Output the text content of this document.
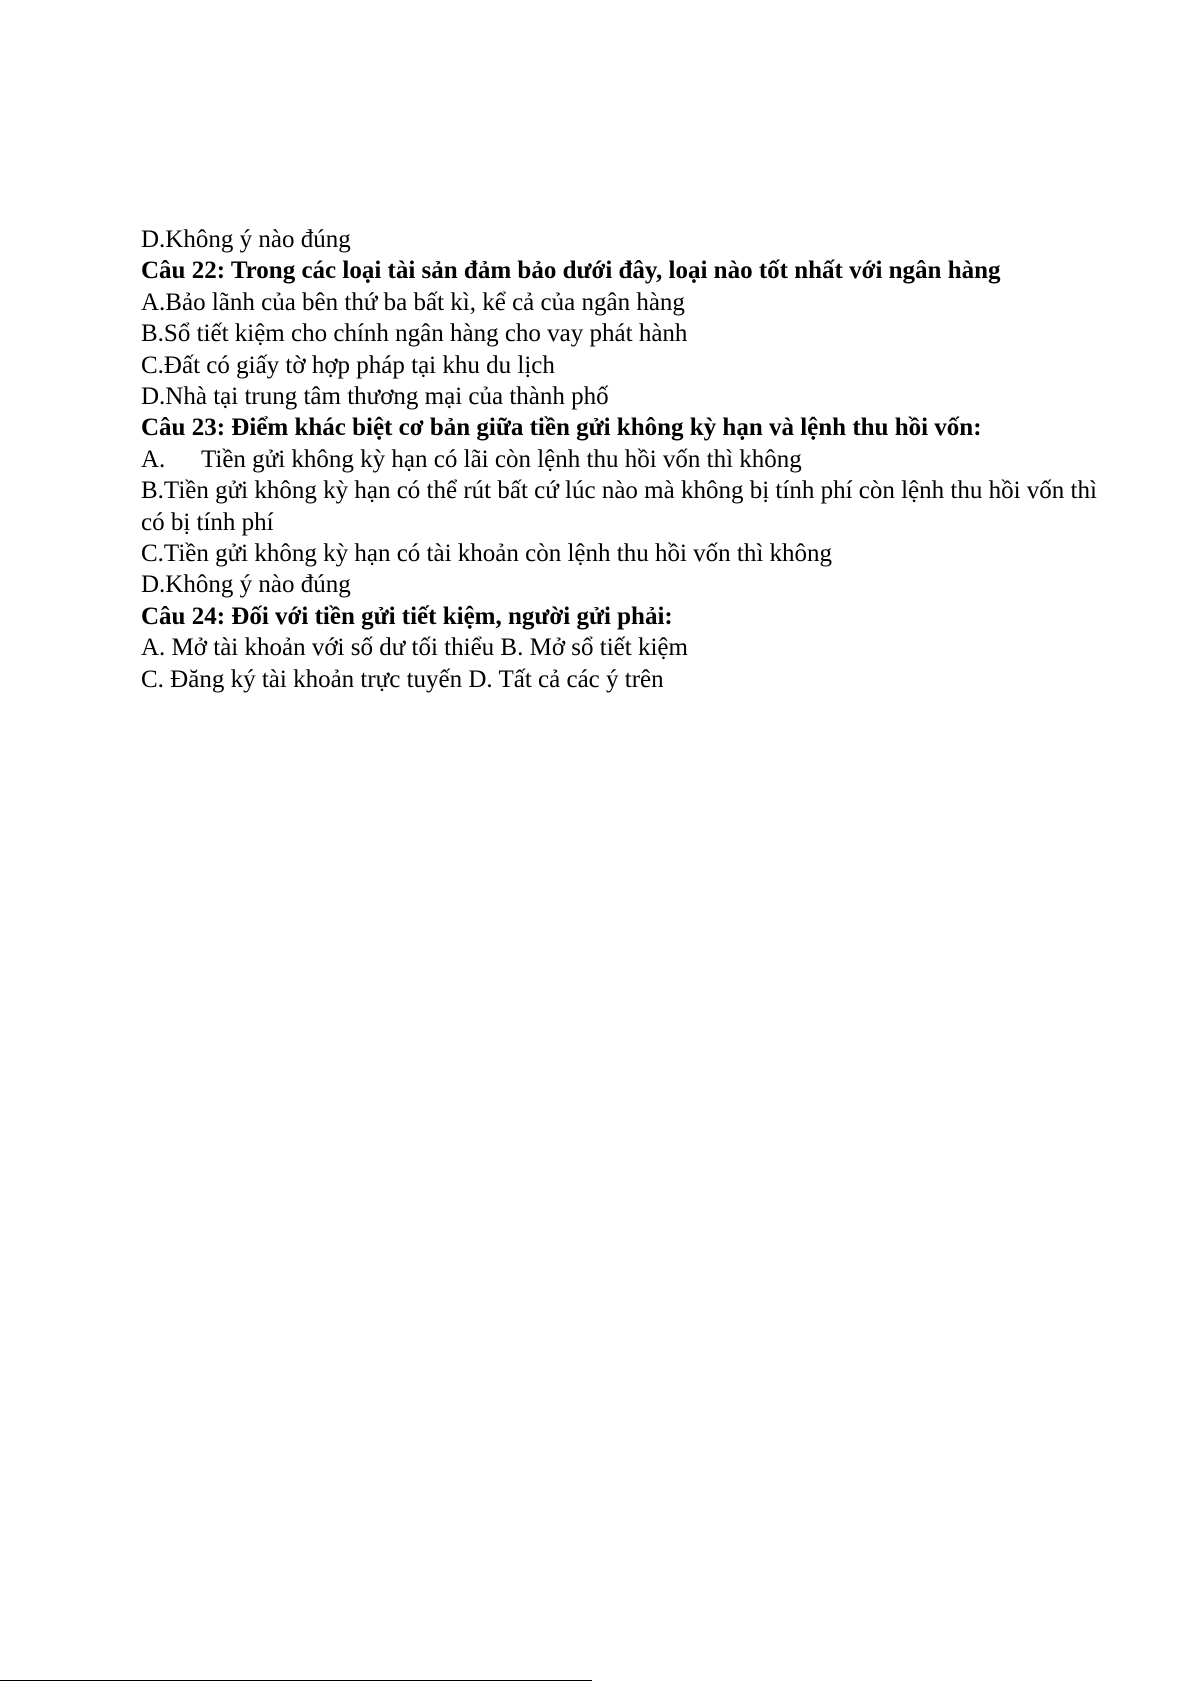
D.Không ý nào đúng
Câu 22: Trong các loại tài sản đảm bảo dưới đây, loại nào tốt nhất với ngân hàng
A.Bảo lãnh của bên thứ ba bất kì, kể cả của ngân hàng
B.Sổ tiết kiệm cho chính ngân hàng cho vay phát hành
C.Đất có giấy tờ hợp pháp tại khu du lịch
D.Nhà tại trung tâm thương mại của thành phố
Câu 23: Điểm khác biệt cơ bản giữa tiền gửi không kỳ hạn và lệnh thu hồi vốn:
A. Tiền gửi không kỳ hạn có lãi còn lệnh thu hồi vốn thì không
B.Tiền gửi không kỳ hạn có thể rút bất cứ lúc nào mà không bị tính phí còn lệnh thu hồi vốn thì có bị tính phí
C.Tiền gửi không kỳ hạn có tài khoản còn lệnh thu hồi vốn thì không
D.Không ý nào đúng
Câu 24: Đối với tiền gửi tiết kiệm, người gửi phải:
A. Mở tài khoản với số dư tối thiểu B. Mở sổ tiết kiệm
C. Đăng ký tài khoản trực tuyến D. Tất cả các ý trên
